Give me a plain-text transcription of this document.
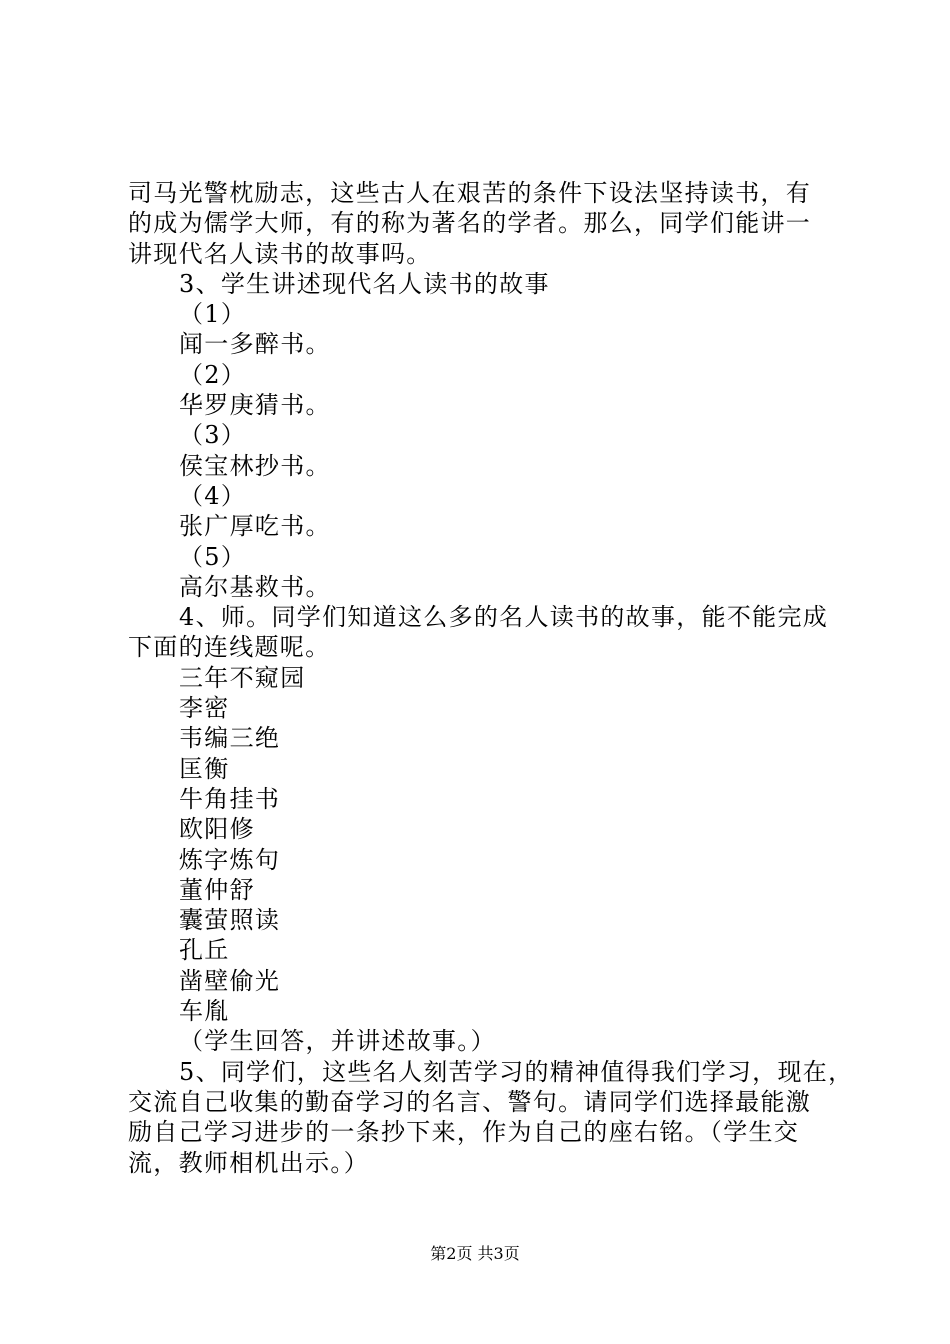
司马光警枕励志，这些古人在艰苦的条件下设法坚持读书，有
的成为儒学大师，有的称为著名的学者。那么，同学们能讲一
讲现代名人读书的故事吗。
3、学生讲述现代名人读书的故事
（1）
闻一多醉书。
（2）
华罗庚猜书。
（3）
侯宝林抄书。
（4）
张广厚吃书。
（5）
高尔基救书。
4、师。同学们知道这么多的名人读书的故事，能不能完成
下面的连线题呢。
三年不窥园
李密
韦编三绝
匡衡
牛角挂书
欧阳修
炼字炼句
董仲舒
囊萤照读
孔丘
凿壁偷光
车胤
（学生回答，并讲述故事。）
5、同学们，这些名人刻苦学习的精神值得我们学习，现在，
交流自己收集的勤奋学习的名言、警句。请同学们选择最能激
励自己学习进步的一条抄下来，作为自己的座右铭。（学生交
流，教师相机出示。）
第2页 共3页
